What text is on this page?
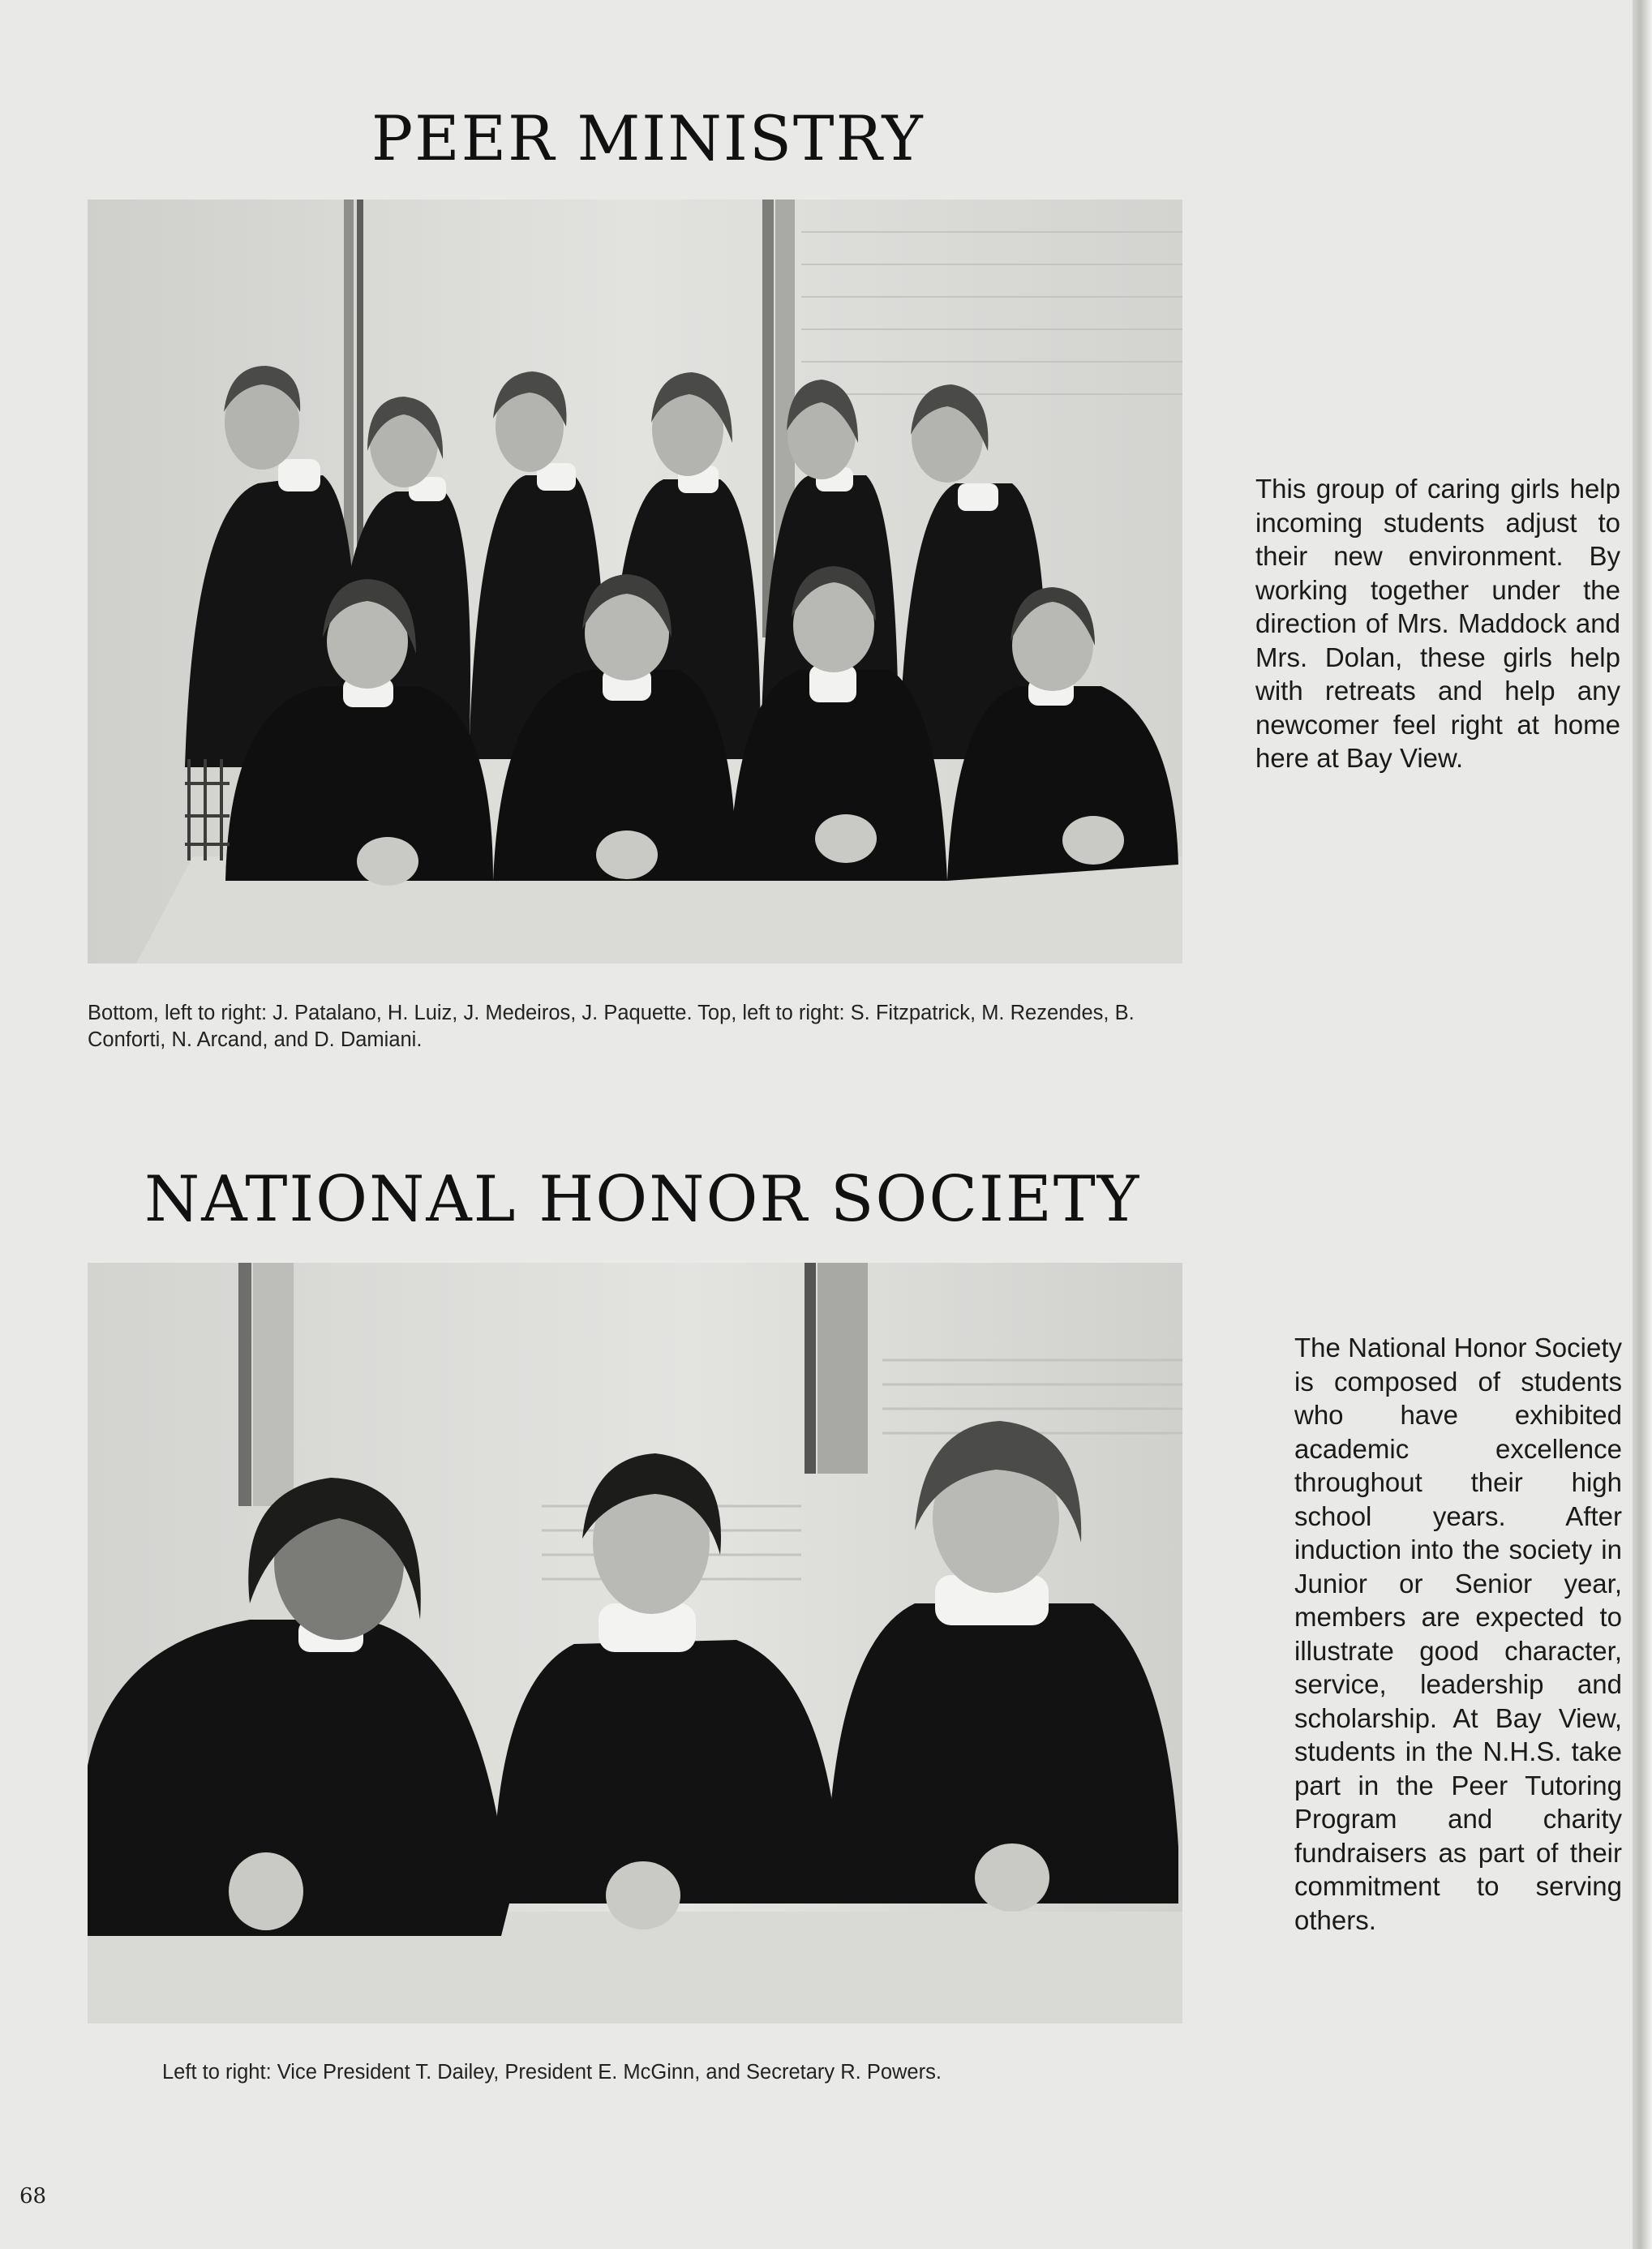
PEER MINISTRY
This group of caring girls help incoming students adjust to their new environment. By working together under the direction of Mrs. Maddock and Mrs. Dolan, these girls help with retreats and help any newcomer feel right at home here at Bay View.
Bottom, left to right: J. Patalano, H. Luiz, J. Medeiros, J. Paquette. Top, left to right: S. Fitzpatrick, M. Rezendes, B. Conforti, N. Arcand, and D. Damiani.
NATIONAL HONOR SOCIETY
The National Honor Society is composed of students who have exhibited academic excellence throughout their high school years. After induction into the society in Junior or Senior year, members are expected to illustrate good character, service, leadership and scholarship. At Bay View, students in the N.H.S. take part in the Peer Tutoring Program and charity fundraisers as part of their commitment to serving others.
Left to right: Vice President T. Dailey, President E. McGinn, and Secretary R. Powers.
68
